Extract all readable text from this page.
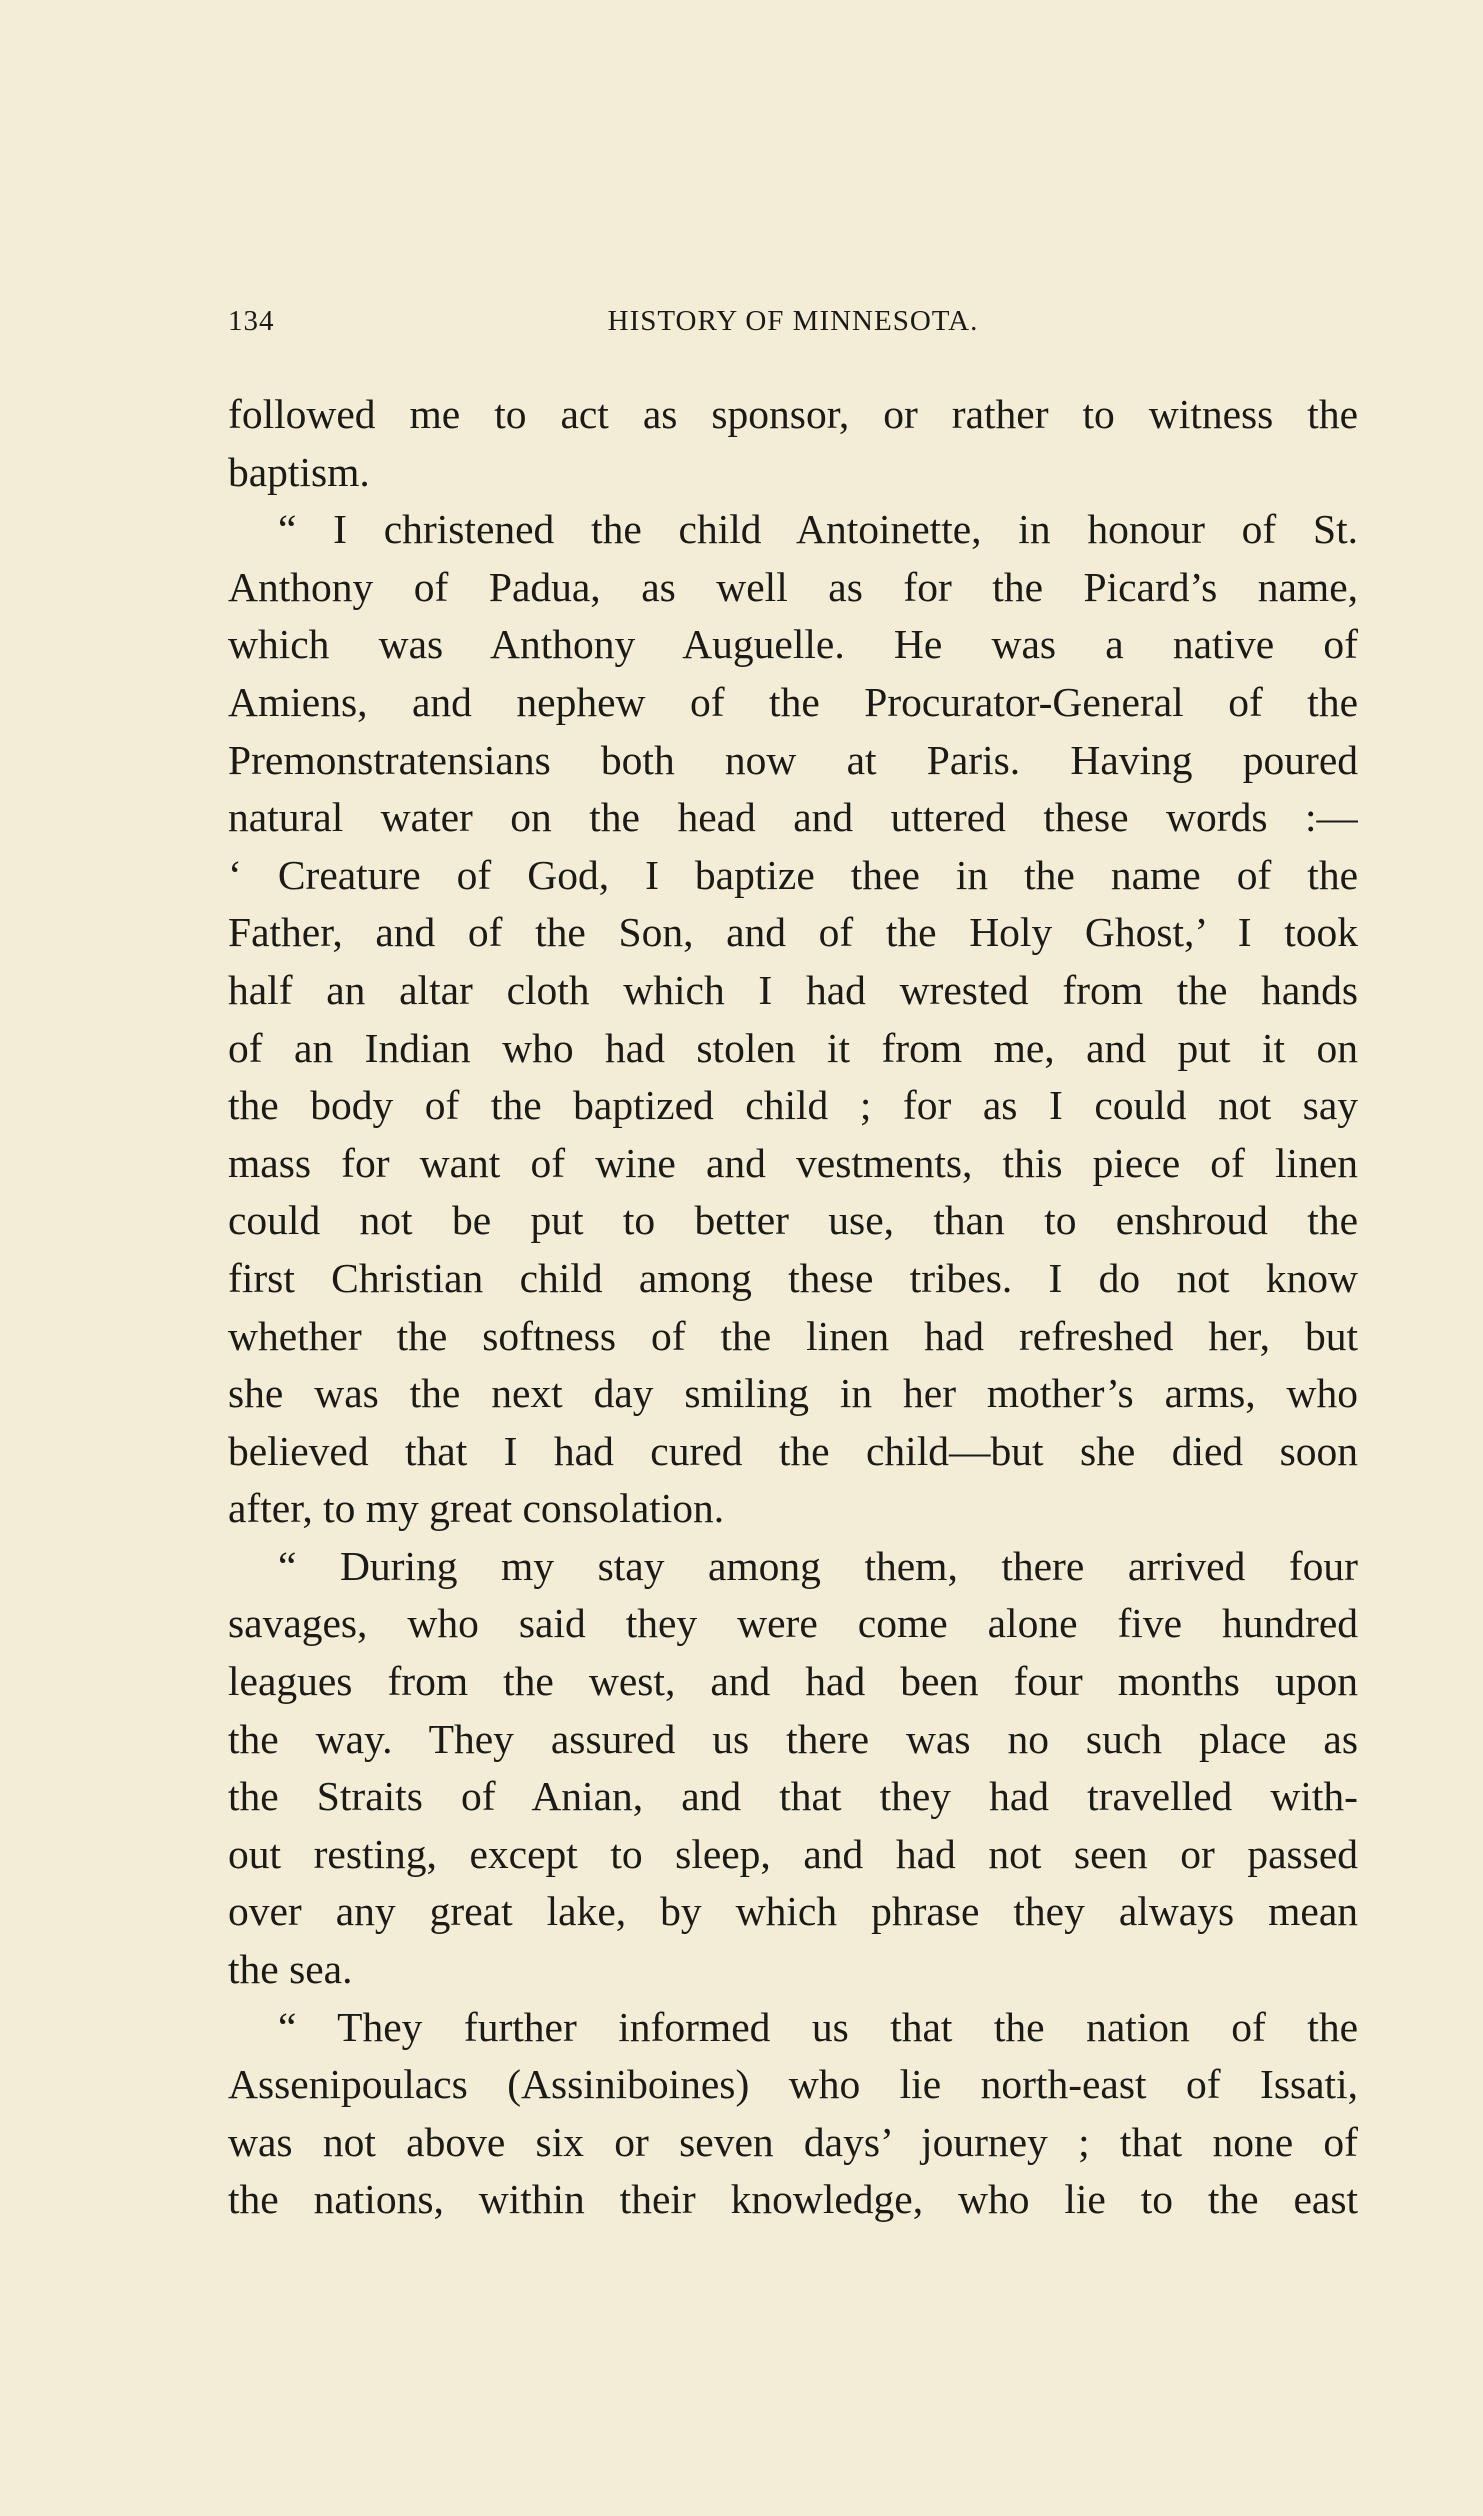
134	HISTORY OF MINNESOTA.
followed me to act as sponsor, or rather to witness the
baptism.
“ I christened the child Antoinette, in honour of St.
Anthony of Padua, as well as for the Picard’s name,
which was Anthony Auguelle. He was a native of
Amiens, and nephew of the Procurator-General of the
Premonstratensians both now at Paris. Having poured
natural water on the head and uttered these words :—
‘ Creature of God, I baptize thee in the name of the
Father, and of the Son, and of the Holy Ghost,’ I took
half an altar cloth which I had wrested from the hands
of an Indian who had stolen it from me, and put it on
the body of the baptized child ; for as I could not say
mass for want of wine and vestments, this piece of linen
could not be put to better use, than to enshroud the
first Christian child among these tribes. I do not know
whether the softness of the linen had refreshed her, but
she was the next day smiling in her mother’s arms, who
believed that I had cured the child—but she died soon
after, to my great consolation.
“ During my stay among them, there arrived four
savages, who said they were come alone five hundred
leagues from the west, and had been four months upon
the way. They assured us there was no such place as
the Straits of Anian, and that they had travelled with-
out resting, except to sleep, and had not seen or passed
over any great lake, by which phrase they always mean
the sea.
“ They further informed us that the nation of the
Assenipoulacs (Assiniboines) who lie north-east of Issati,
was not above six or seven days’ journey ; that none of
the nations, within their knowledge, who lie to the east
